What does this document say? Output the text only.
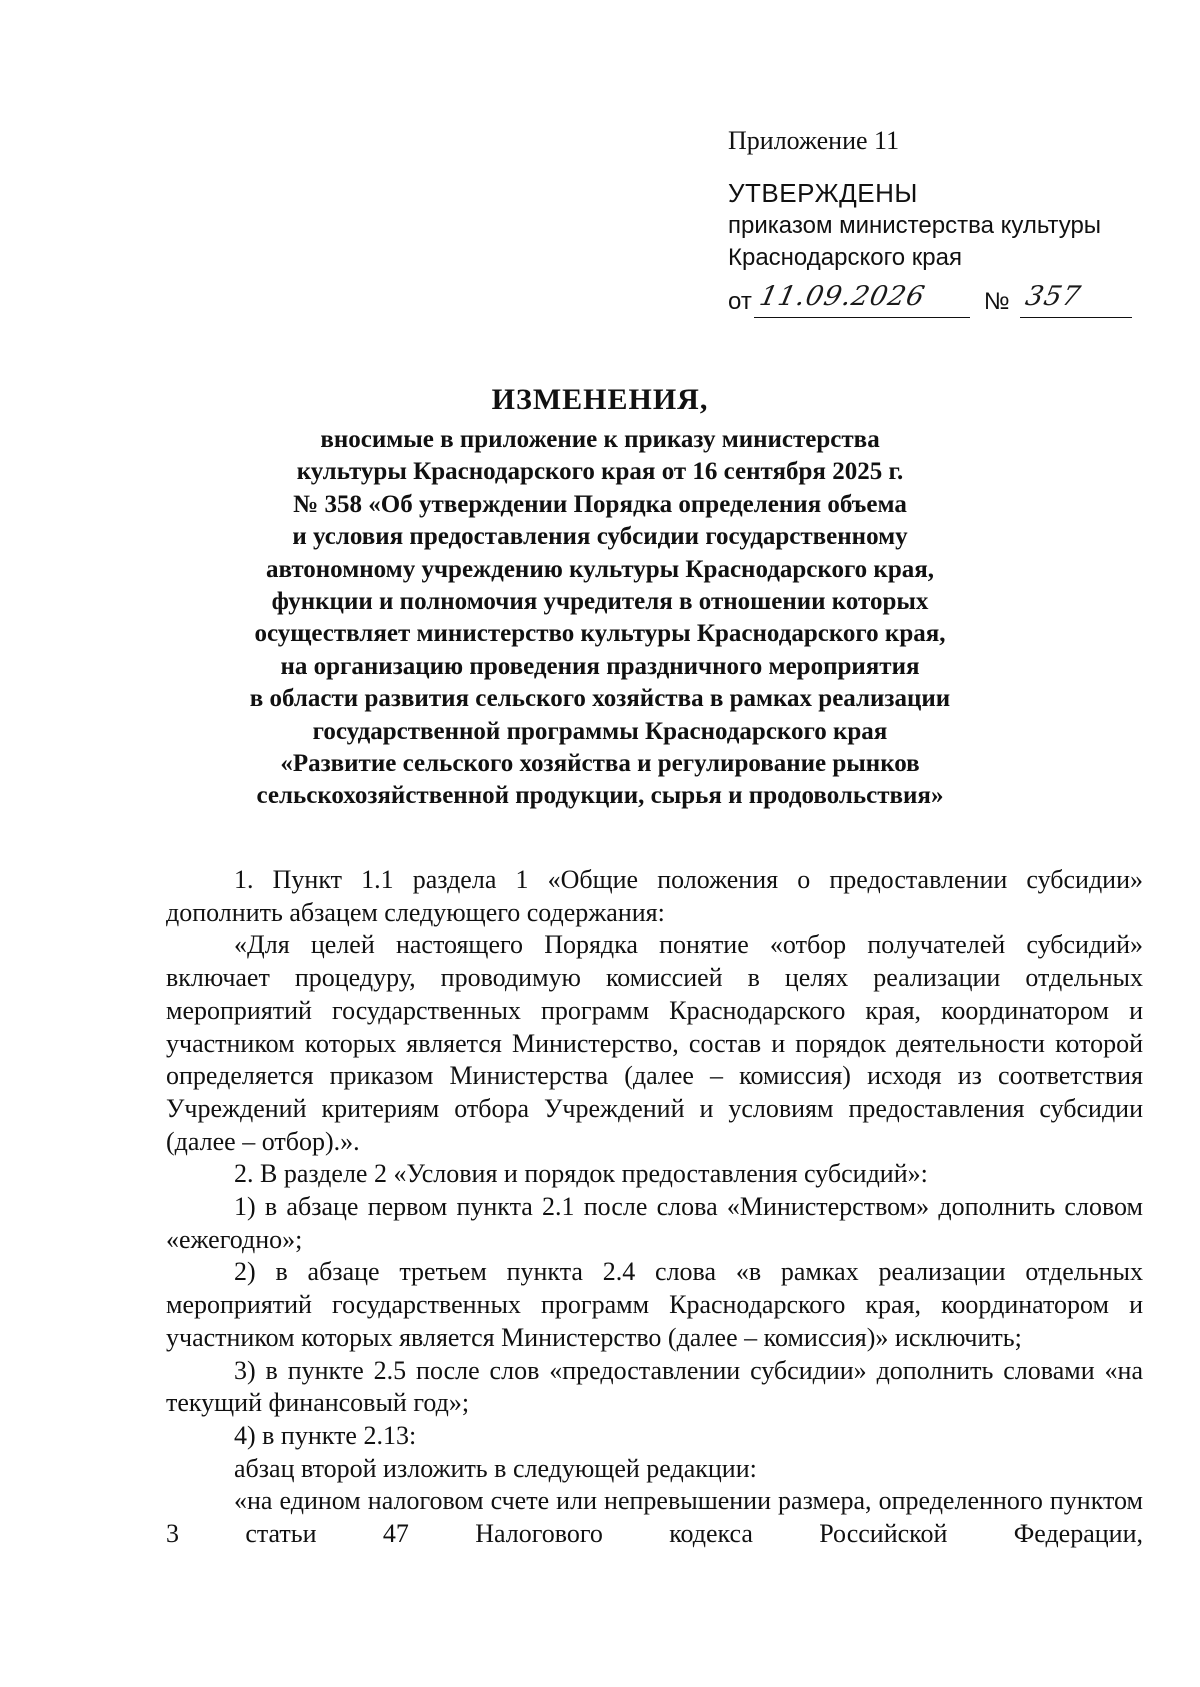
Приложение 11

УТВЕРЖДЕНЫ

приказом министерства культуры

Краснодарского края

от 11.09.2026	№ 357

ИЗМЕНЕНИЯ,

вносимые в приложение к приказу министерства
культуры Краснодарского края от 16 сентября 2025 г.
№ 358 «Об утверждении Порядка определения объема
и условия предоставления субсидии государственному
автономному учреждению культуры Краснодарского края,
функции и полномочия учредителя в отношении которых
осуществляет министерство культуры Краснодарского края,
на организацию проведения праздничного мероприятия
в области развития сельского хозяйства в рамках реализации
государственной программы Краснодарского края
«Развитие сельского хозяйства и регулирование рынков
сельскохозяйственной продукции, сырья и продовольствия»

1. Пункт 1.1 раздела 1 «Общие положения о предоставлении субсидии» дополнить абзацем следующего содержания:

«Для целей настоящего Порядка понятие «отбор получателей субсидий» включает процедуру, проводимую комиссией в целях реализации отдельных мероприятий государственных программ Краснодарского края, координатором и участником которых является Министерство, состав и порядок деятельности которой определяется приказом Министерства (далее – комиссия) исходя из соответствия Учреждений критериям отбора Учреждений и условиям предоставления субсидии (далее – отбор).».

2. В разделе 2 «Условия и порядок предоставления субсидий»:

1) в абзаце первом пункта 2.1 после слова «Министерством» дополнить словом «ежегодно»;

2) в абзаце третьем пункта 2.4 слова «в рамках реализации отдельных мероприятий государственных программ Краснодарского края, координатором и участником которых является Министерство (далее – комиссия)» исключить;

3) в пункте 2.5 после слов «предоставлении субсидии» дополнить словами «на текущий финансовый год»;

4) в пункте 2.13:

абзац второй изложить в следующей редакции:

«на едином налоговом счете или непревышении размера, определенного пунктом 3 статьи 47 Налогового кодекса Российской Федерации,
